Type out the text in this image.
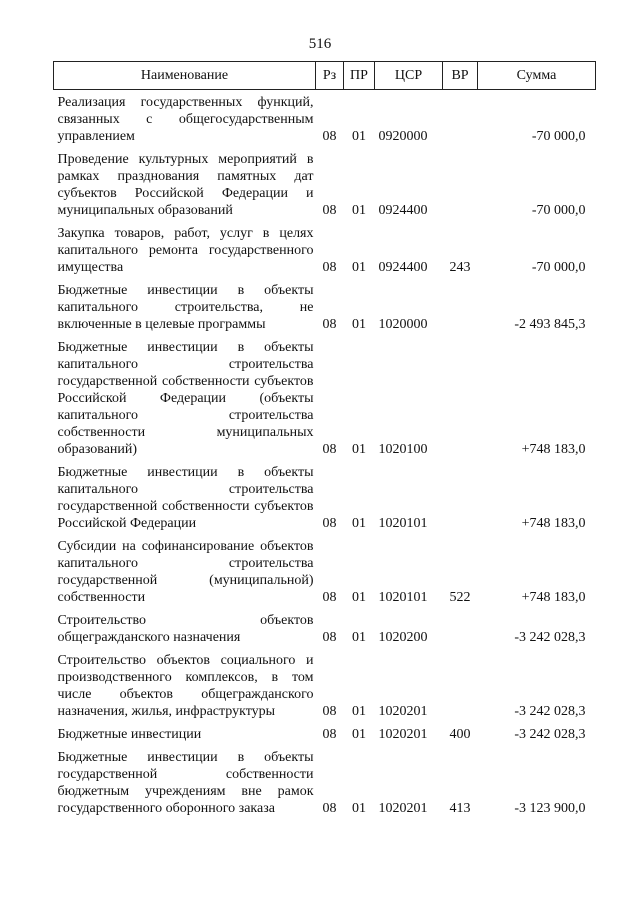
516
Наименование	Рз	ПР	ЦСР	ВР	Сумма
Реализация государственных функций, связанных с общегосударственным управлением	08	01	0920000		-70 000,0
Проведение культурных мероприятий в рамках празднования памятных дат субъектов Российской Федерации и муниципальных образований	08	01	0924400		-70 000,0
Закупка товаров, работ, услуг в целях капитального ремонта государственного имущества	08	01	0924400	243	-70 000,0
Бюджетные инвестиции в объекты капитального строительства, не включенные в целевые программы	08	01	1020000		-2 493 845,3
Бюджетные инвестиции в объекты капитального строительства государственной собственности субъектов Российской Федерации (объекты капитального строительства собственности муниципальных образований)	08	01	1020100		+748 183,0
Бюджетные инвестиции в объекты капитального строительства государственной собственности субъектов Российской Федерации	08	01	1020101		+748 183,0
Субсидии на софинансирование объектов капитального строительства государственной (муниципальной) собственности	08	01	1020101	522	+748 183,0
Строительство объектов общегражданского назначения	08	01	1020200		-3 242 028,3
Строительство объектов социального и производственного комплексов, в том числе объектов общегражданского назначения, жилья, инфраструктуры	08	01	1020201		-3 242 028,3
Бюджетные инвестиции	08	01	1020201	400	-3 242 028,3
Бюджетные инвестиции в объекты государственной собственности бюджетным учреждениям вне рамок государственного оборонного заказа	08	01	1020201	413	-3 123 900,0
